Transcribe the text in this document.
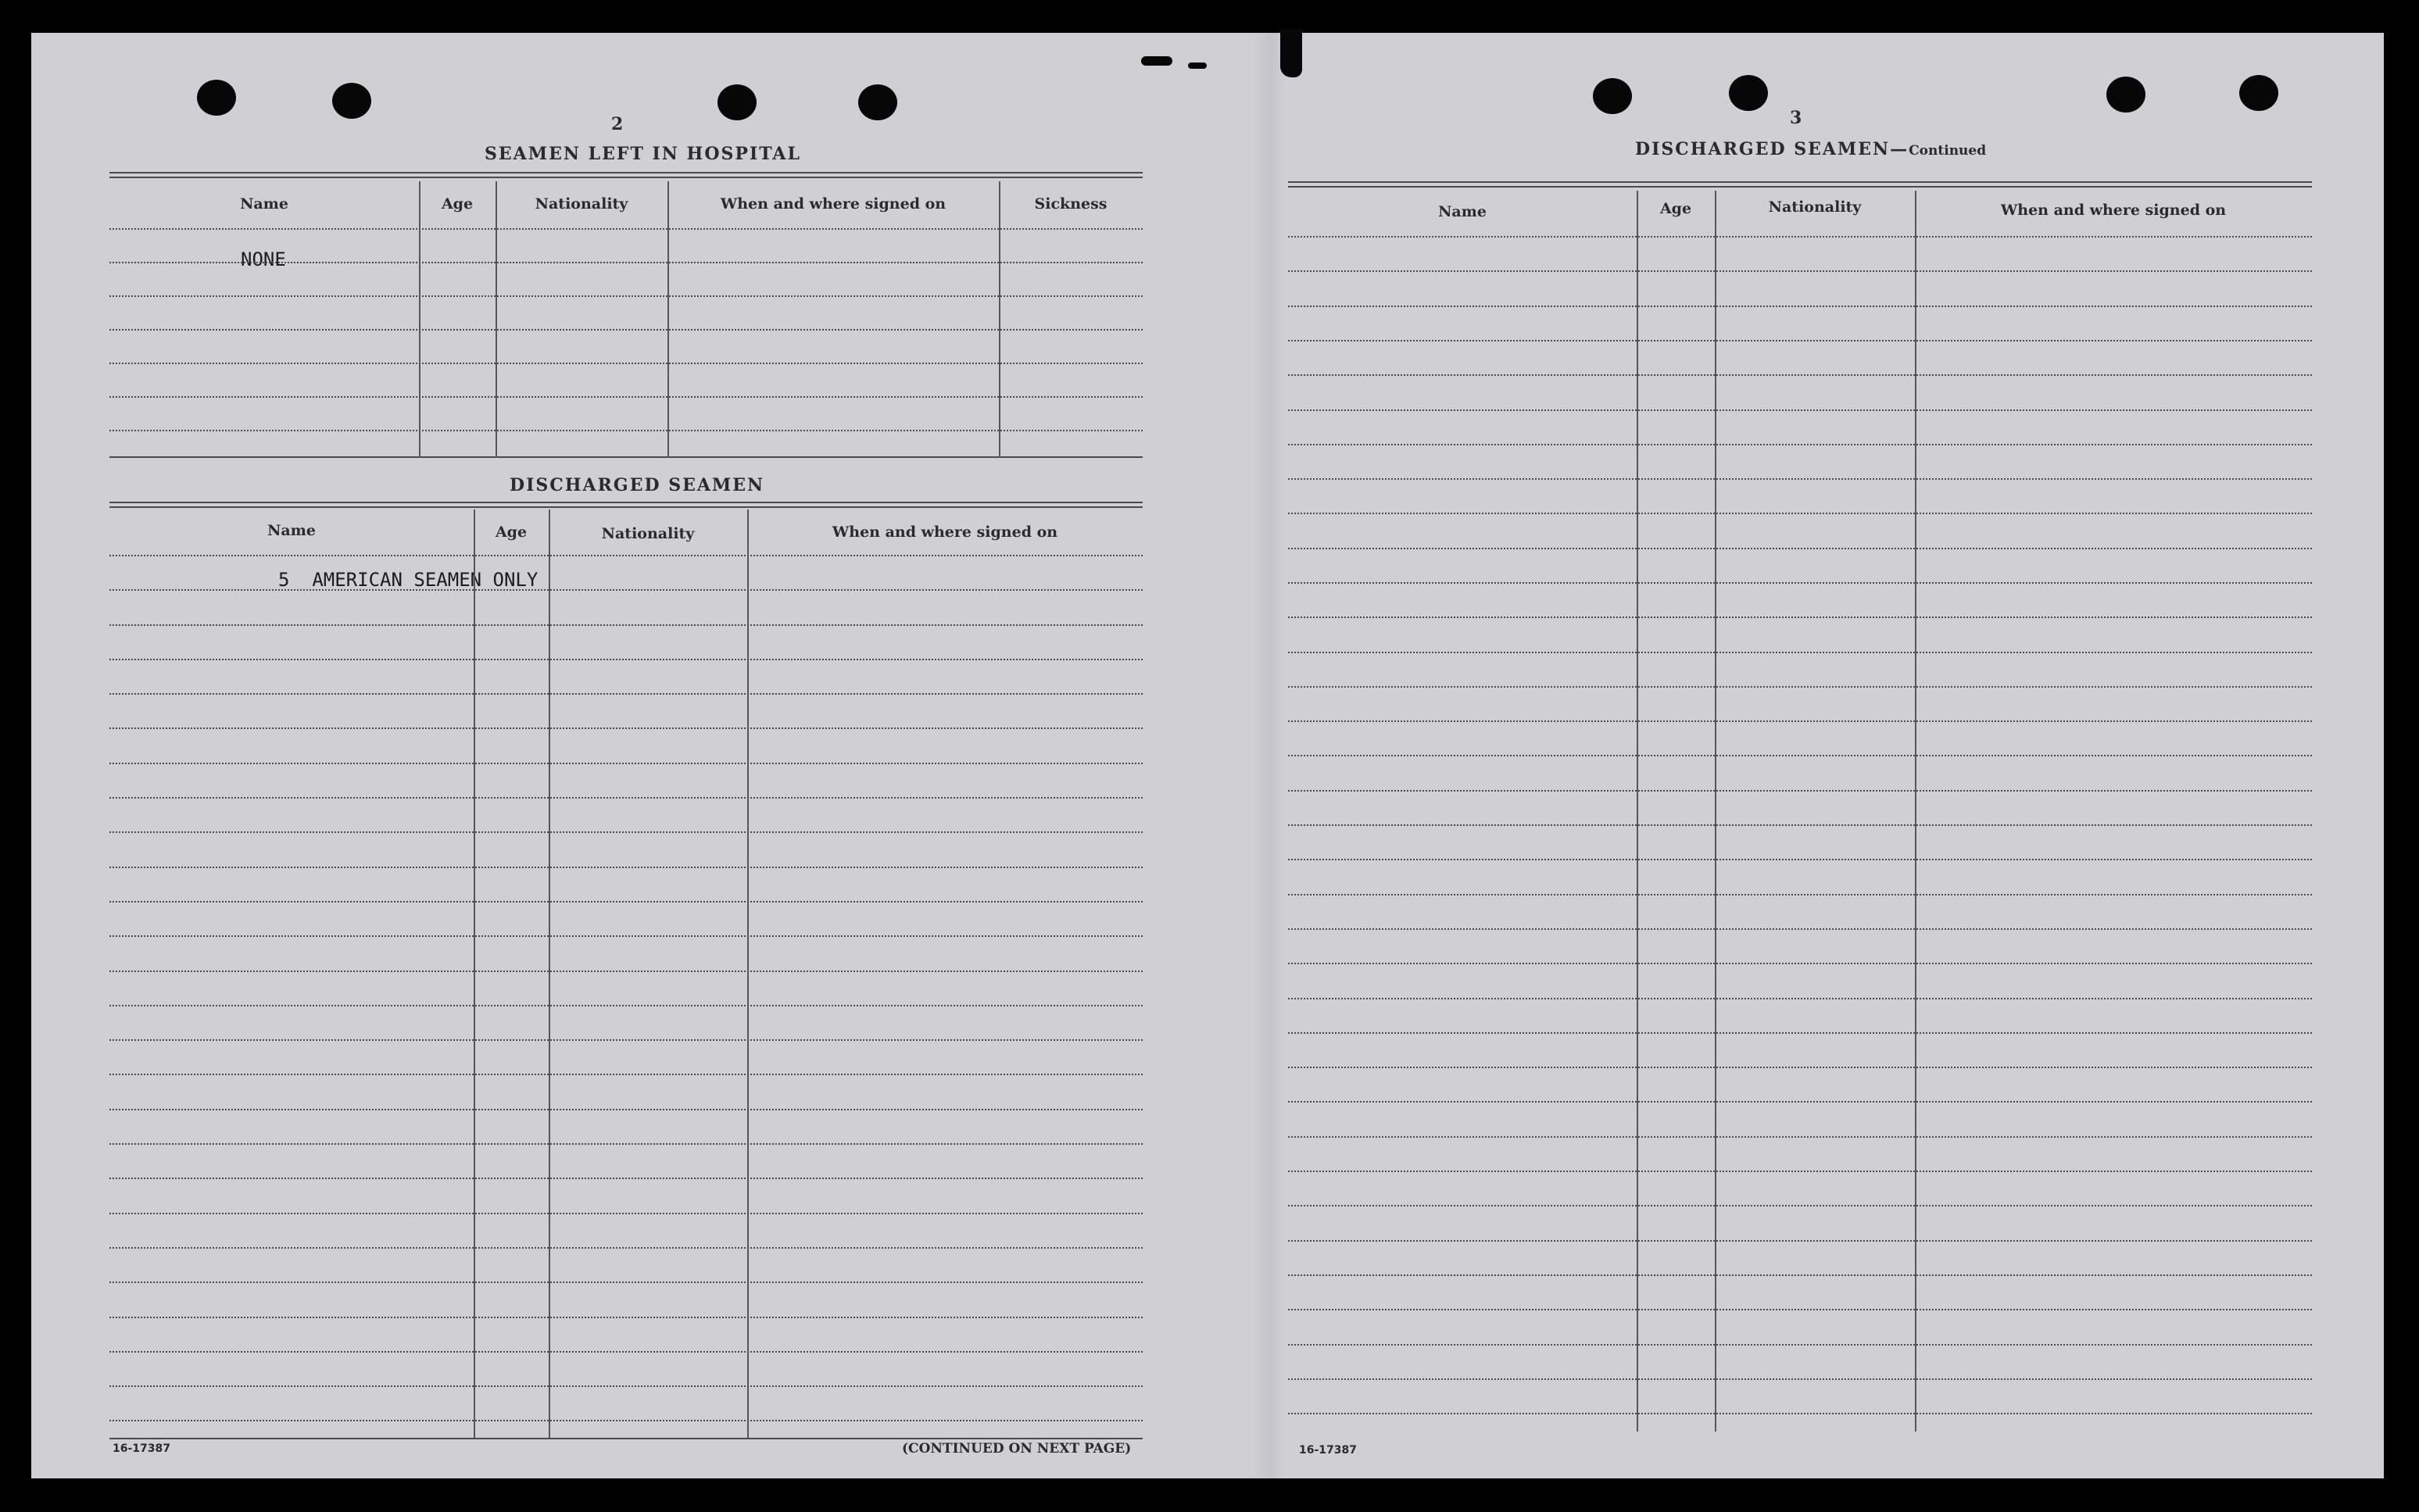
2
SEAMEN LEFT IN HOSPITAL
Name	Age	Nationality	When and where signed on	Sickness
NONE
DISCHARGED SEAMEN
Name	Age	Nationality	When and where signed on
5  AMERICAN SEAMEN ONLY
16-17387	(CONTINUED ON NEXT PAGE)
3
DISCHARGED SEAMEN—Continued
Name	Age	Nationality	When and where signed on
16-17387
